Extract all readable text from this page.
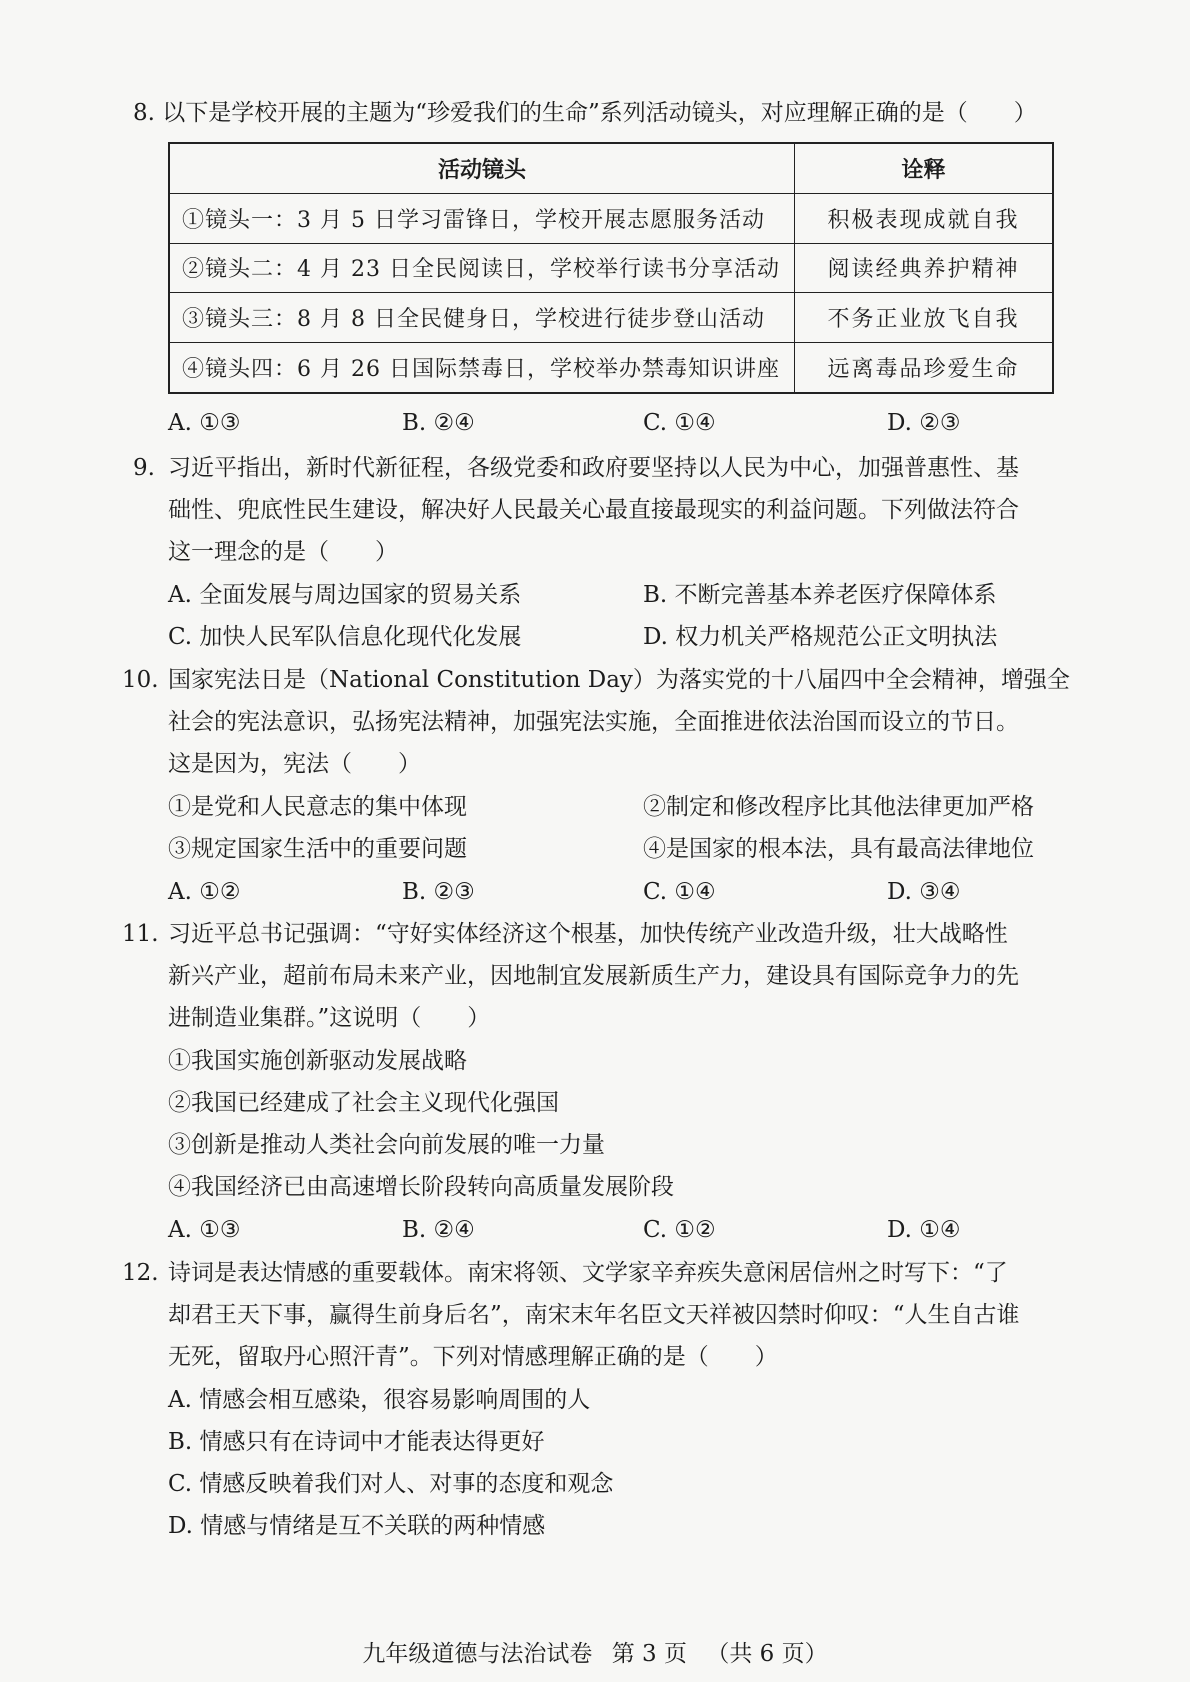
8. 以下是学校开展的主题为“珍爱我们的生命”系列活动镜头，对应理解正确的是（　　）
活动镜头	诠释
①镜头一：3 月 5 日学习雷锋日，学校开展志愿服务活动	积极表现成就自我
②镜头二：4 月 23 日全民阅读日，学校举行读书分享活动	阅读经典养护精神
③镜头三：8 月 8 日全民健身日，学校进行徒步登山活动	不务正业放飞自我
④镜头四：6 月 26 日国际禁毒日，学校举办禁毒知识讲座	远离毒品珍爱生命
A. ①③	B. ②④	C. ①④	D. ②③
9. 习近平指出，新时代新征程，各级党委和政府要坚持以人民为中心，加强普惠性、基
础性、兜底性民生建设，解决好人民最关心最直接最现实的利益问题。下列做法符合
这一理念的是（　　）
A. 全面发展与周边国家的贸易关系	B. 不断完善基本养老医疗保障体系
C. 加快人民军队信息化现代化发展	D. 权力机关严格规范公正文明执法
10. 国家宪法日是（National Constitution Day）为落实党的十八届四中全会精神，增强全
社会的宪法意识，弘扬宪法精神，加强宪法实施，全面推进依法治国而设立的节日。
这是因为，宪法（　　）
①是党和人民意志的集中体现	②制定和修改程序比其他法律更加严格
③规定国家生活中的重要问题	④是国家的根本法，具有最高法律地位
A. ①②	B. ②③	C. ①④	D. ③④
11. 习近平总书记强调：“守好实体经济这个根基，加快传统产业改造升级，壮大战略性
新兴产业，超前布局未来产业，因地制宜发展新质生产力，建设具有国际竞争力的先
进制造业集群。”这说明（　　）
①我国实施创新驱动发展战略
②我国已经建成了社会主义现代化强国
③创新是推动人类社会向前发展的唯一力量
④我国经济已由高速增长阶段转向高质量发展阶段
A. ①③	B. ②④	C. ①②	D. ①④
12. 诗词是表达情感的重要载体。南宋将领、文学家辛弃疾失意闲居信州之时写下：“了
却君王天下事，赢得生前身后名”，南宋末年名臣文天祥被囚禁时仰叹：“人生自古谁
无死，留取丹心照汗青”。下列对情感理解正确的是（　　）
A. 情感会相互感染，很容易影响周围的人
B. 情感只有在诗词中才能表达得更好
C. 情感反映着我们对人、对事的态度和观念
D. 情感与情绪是互不关联的两种情感
九年级道德与法治试卷 第 3 页 （共 6 页）
